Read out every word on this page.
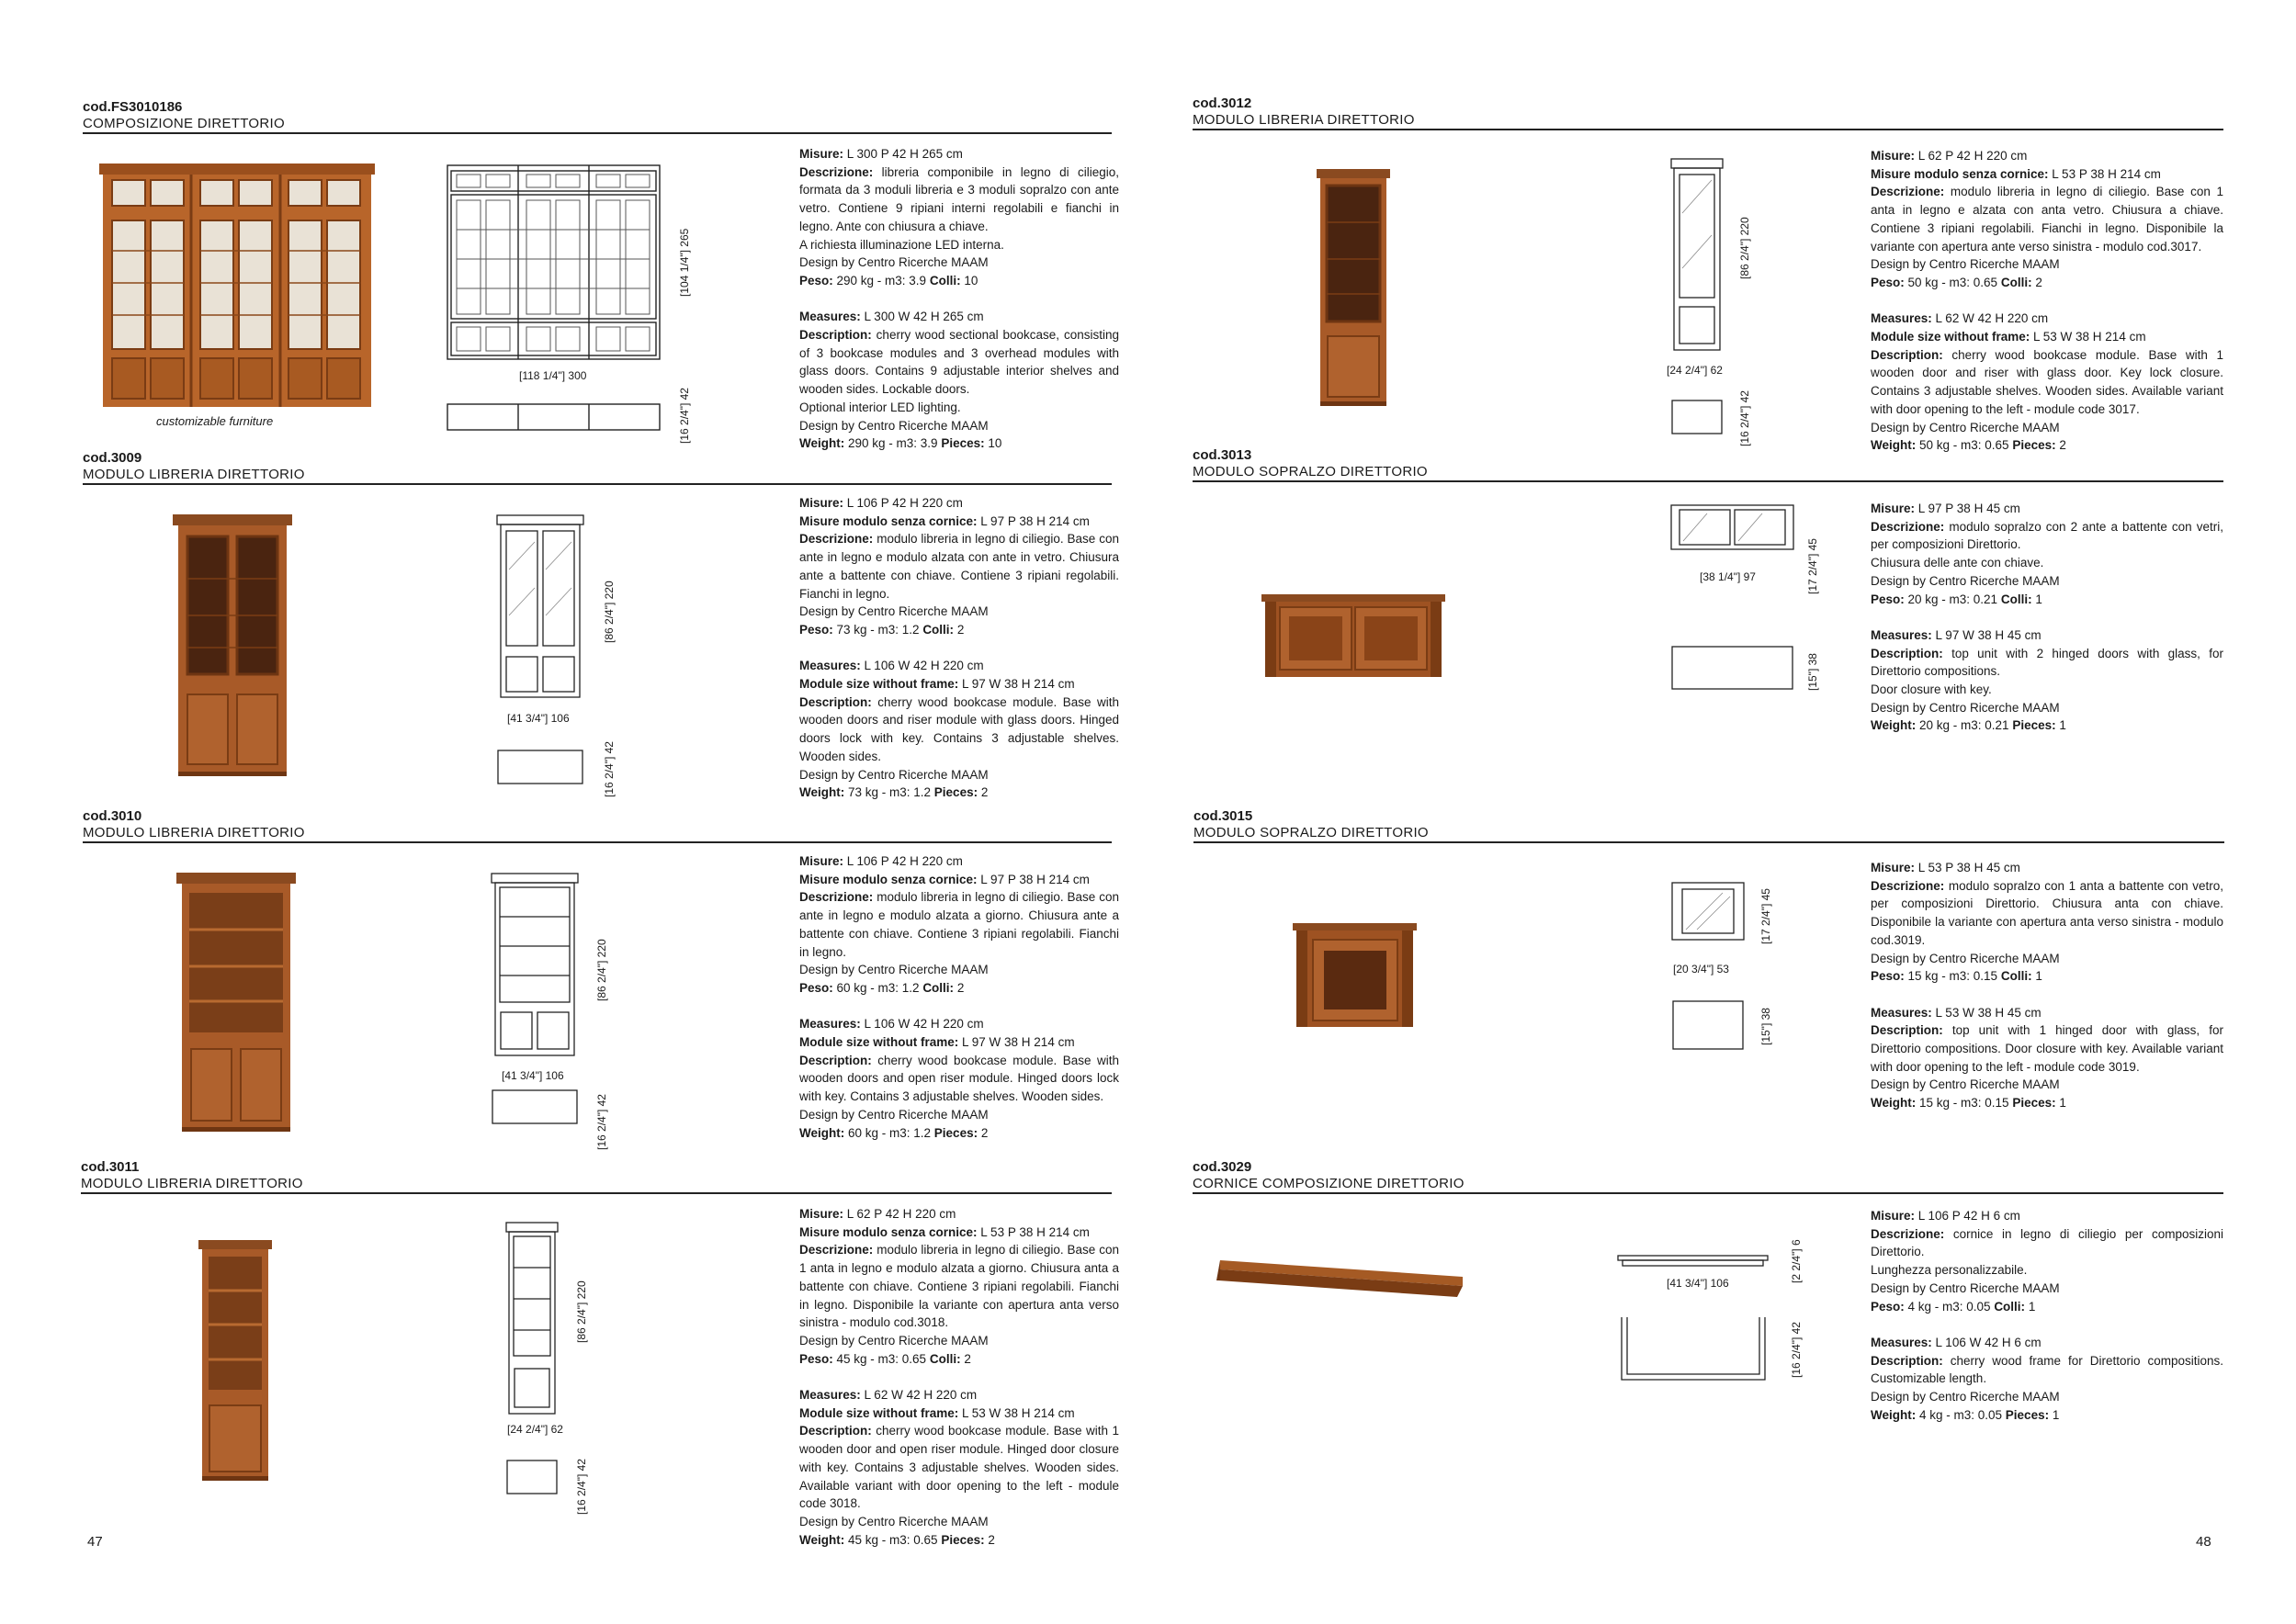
cod.FS3010186
COMPOSIZIONE DIRETTORIO
customizable furniture
[118 1/4"] 300
[104 1/4"] 265
[16 2/4"] 42

Misure: L 300 P 42 H 265 cm

Descrizione: libreria componibile in legno di ciliegio, formata da 3 moduli libreria e 3 moduli sopralzo con ante vetro. Contiene 9 ripiani interni regolabili e fianchi in legno. Ante con chiusura a chiave.

A richiesta illuminazione LED interna.

Design by Centro Ricerche MAAM

Peso: 290 kg - m3: 3.9 Colli: 10

Measures: L 300 W 42 H 265 cm

Description: cherry wood sectional bookcase, consisting of 3 bookcase modules and 3 overhead modules with glass doors. Contains 9 adjustable interior shelves and wooden sides. Lockable doors.

Optional interior LED lighting.

Design by Centro Ricerche MAAM

Weight: 290 kg - m3: 3.9 Pieces: 10

cod.3009
MODULO LIBRERIA DIRETTORIO
[41 3/4"] 106
[86 2/4"] 220
[16 2/4"] 42

Misure: L 106 P 42 H 220 cm

Misure modulo senza cornice: L 97 P 38 H 214 cm

Descrizione: modulo libreria in legno di ciliegio. Base con ante in legno e modulo alzata con ante in vetro. Chiusura ante a battente con chiave. Contiene 3 ripiani regolabili. Fianchi in legno.

Design by Centro Ricerche MAAM

Peso: 73 kg - m3: 1.2 Colli: 2

Measures: L 106 W 42 H 220 cm

Module size without frame: L 97 W 38 H 214 cm

Description: cherry wood bookcase module. Base with wooden doors and riser module with glass doors. Hinged doors lock with key. Contains 3 adjustable shelves. Wooden sides.

Design by Centro Ricerche MAAM

Weight: 73 kg - m3: 1.2 Pieces: 2

cod.3010
MODULO LIBRERIA DIRETTORIO
[41 3/4"] 106
[86 2/4"] 220
[16 2/4"] 42

Misure: L 106 P 42 H 220 cm

Misure modulo senza cornice: L 97 P 38 H 214 cm

Descrizione: modulo libreria in legno di ciliegio. Base con ante in legno e modulo alzata a giorno. Chiusura ante a battente con chiave. Contiene 3 ripiani regolabili. Fianchi in legno.

Design by Centro Ricerche MAAM

Peso: 60 kg - m3: 1.2 Colli: 2

Measures: L 106 W 42 H 220 cm

Module size without frame: L 97 W 38 H 214 cm

Description: cherry wood bookcase module. Base with wooden doors and open riser module. Hinged doors lock with key. Contains 3 adjustable shelves. Wooden sides.

Design by Centro Ricerche MAAM

Weight: 60 kg - m3: 1.2 Pieces: 2

cod.3011
MODULO LIBRERIA DIRETTORIO
[24 2/4"] 62
[86 2/4"] 220
[16 2/4"] 42

Misure: L 62 P 42 H 220 cm

Misure modulo senza cornice: L 53 P 38 H 214 cm

Descrizione: modulo libreria in legno di ciliegio. Base con 1 anta in legno e modulo alzata a giorno. Chiusura anta a battente con chiave. Contiene 3 ripiani regolabili. Fianchi in legno. Disponibile la variante con apertura anta verso sinistra - modulo cod.3018.

Design by Centro Ricerche MAAM

Peso: 45 kg - m3: 0.65 Colli: 2

Measures: L 62 W 42 H 220 cm

Module size without frame: L 53 W 38 H 214 cm

Description: cherry wood bookcase module. Base with 1 wooden door and open riser module. Hinged door closure with key. Contains 3 adjustable shelves. Wooden sides. Available variant with door opening to the left - module code 3018.

Design by Centro Ricerche MAAM

Weight: 45 kg - m3: 0.65 Pieces: 2

47
cod.3012
MODULO LIBRERIA DIRETTORIO
[24 2/4"] 62
[86 2/4"] 220
[16 2/4"] 42

Misure: L 62 P 42 H 220 cm

Misure modulo senza cornice: L 53 P 38 H 214 cm

Descrizione: modulo libreria in legno di ciliegio. Base con 1 anta in legno e alzata con anta vetro. Chiusura a chiave. Contiene 3 ripiani regolabili. Fianchi in legno. Disponibile la variante con apertura ante verso sinistra - modulo cod.3017.

Design by Centro Ricerche MAAM

Peso: 50 kg - m3: 0.65 Colli: 2

Measures: L 62 W 42 H 220 cm

Module size without frame: L 53 W 38 H 214 cm

Description: cherry wood bookcase module. Base with 1 wooden door and riser with glass door. Key lock closure. Contains 3 adjustable shelves. Wooden sides. Available variant with door opening to the left - module code 3017.

Design by Centro Ricerche MAAM

Weight: 50 kg - m3: 0.65 Pieces: 2

cod.3013
MODULO SOPRALZO DIRETTORIO
[38 1/4"] 97	[17 2/4"] 45
[15"] 38

Misure: L 97 P 38 H 45 cm

Descrizione: modulo sopralzo con 2 ante a battente con vetri, per composizioni Direttorio.

Chiusura delle ante con chiave.

Design by Centro Ricerche MAAM

Peso: 20 kg - m3: 0.21 Colli: 1

Measures: L 97 W 38 H 45 cm

Description: top unit with 2 hinged doors with glass, for Direttorio compositions.

Door closure with key.

Design by Centro Ricerche MAAM

Weight: 20 kg - m3: 0.21 Pieces: 1

cod.3015
MODULO SOPRALZO DIRETTORIO
[20 3/4"] 53
[17 2/4"] 45
[15"] 38

Misure: L 53 P 38 H 45 cm

Descrizione: modulo sopralzo con 1 anta a battente con vetro, per composizioni Direttorio. Chiusura anta con chiave. Disponibile la variante con apertura anta verso sinistra - modulo cod.3019.

Design by Centro Ricerche MAAM

Peso: 15 kg - m3: 0.15 Colli: 1

Measures: L 53 W 38 H 45 cm

Description: top unit with 1 hinged door with glass, for Direttorio compositions. Door closure with key. Available variant with door opening to the left - module code 3019.

Design by Centro Ricerche MAAM

Weight: 15 kg - m3: 0.15 Pieces: 1

cod.3029
CORNICE COMPOSIZIONE DIRETTORIO
[41 3/4"] 106	[2 2/4"] 6
[16 2/4"] 42

Misure: L 106 P 42 H 6 cm

Descrizione: cornice in legno di ciliegio per composizioni Direttorio.

Lunghezza personalizzabile.

Design by Centro Ricerche MAAM

Peso: 4 kg - m3: 0.05 Colli: 1

Measures: L 106 W 42 H 6 cm

Description: cherry wood frame for Direttorio compositions. Customizable length.

Design by Centro Ricerche MAAM

Weight: 4 kg - m3: 0.05 Pieces: 1

48
